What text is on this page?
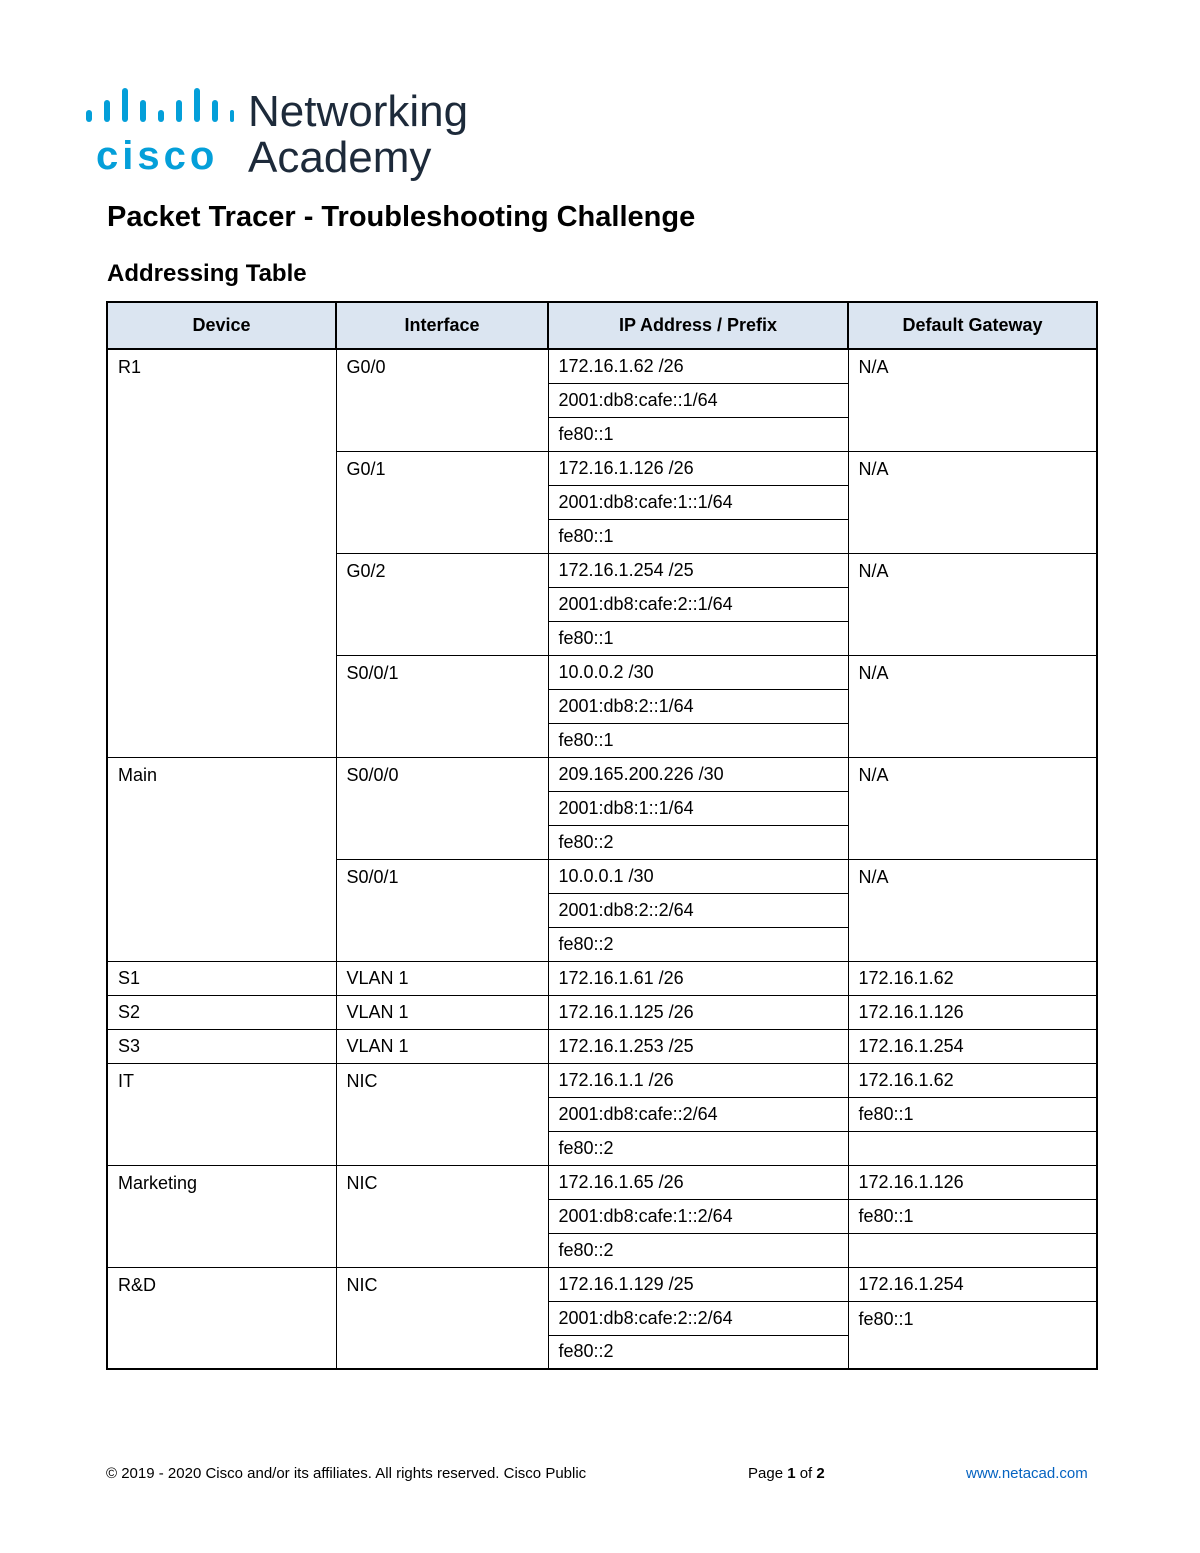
cisco
Networking
Academy
Packet Tracer - Troubleshooting Challenge
Addressing Table
Device	Interface	IP Address / Prefix	Default Gateway
R1	G0/0	172.16.1.62 /26	N/A
		2001:db8:cafe::1/64	
		fe80::1	
	G0/1	172.16.1.126 /26	N/A
		2001:db8:cafe:1::1/64	
		fe80::1	
	G0/2	172.16.1.254 /25	N/A
		2001:db8:cafe:2::1/64	
		fe80::1	
	S0/0/1	10.0.0.2 /30	N/A
		2001:db8:2::1/64	
		fe80::1	
Main	S0/0/0	209.165.200.226 /30	N/A
		2001:db8:1::1/64	
		fe80::2	
	S0/0/1	10.0.0.1 /30	N/A
		2001:db8:2::2/64	
		fe80::2	
S1	VLAN 1	172.16.1.61 /26	172.16.1.62
S2	VLAN 1	172.16.1.125 /26	172.16.1.126
S3	VLAN 1	172.16.1.253 /25	172.16.1.254
IT	NIC	172.16.1.1 /26	172.16.1.62
		2001:db8:cafe::2/64	fe80::1
		fe80::2	
Marketing	NIC	172.16.1.65 /26	172.16.1.126
		2001:db8:cafe:1::2/64	fe80::1
		fe80::2	
R&D	NIC	172.16.1.129 /25	172.16.1.254
		2001:db8:cafe:2::2/64	fe80::1
		fe80::2	
© 2019 - 2020 Cisco and/or its affiliates. All rights reserved. Cisco Public	Page 1 of 2	www.netacad.com
